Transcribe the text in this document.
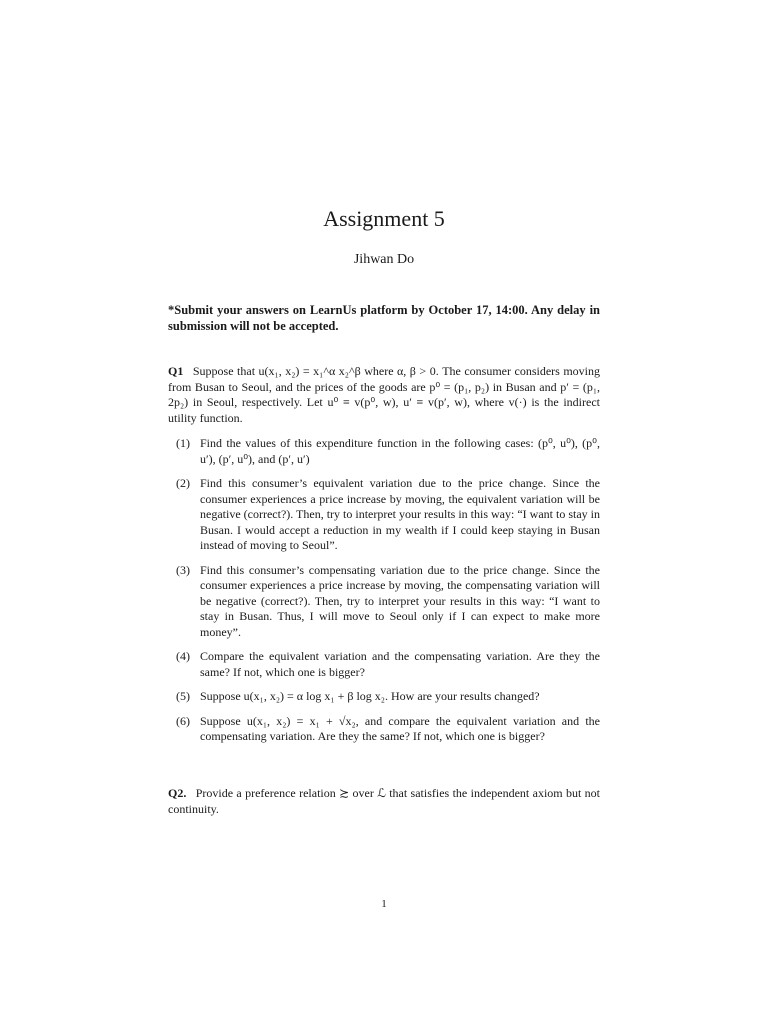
Assignment 5
Jihwan Do
*Submit your answers on LearnUs platform by October 17, 14:00. Any delay in submission will not be accepted.
Q1 Suppose that u(x₁, x₂) = x₁^α x₂^β where α, β > 0. The consumer considers moving from Busan to Seoul, and the prices of the goods are p⁰ = (p₁, p₂) in Busan and p′ = (p₁, 2p₂) in Seoul, respectively. Let u⁰ ≡ v(p⁰, w), u′ ≡ v(p′, w), where v(·) is the indirect utility function.
(1) Find the values of this expenditure function in the following cases: (p⁰, u⁰), (p⁰, u′), (p′, u⁰), and (p′, u′)
(2) Find this consumer’s equivalent variation due to the price change. Since the consumer experiences a price increase by moving, the equivalent variation will be negative (correct?). Then, try to interpret your results in this way: “I want to stay in Busan. I would accept a reduction in my wealth if I could keep staying in Busan instead of moving to Seoul”.
(3) Find this consumer’s compensating variation due to the price change. Since the consumer experiences a price increase by moving, the compensating variation will be negative (correct?). Then, try to interpret your results in this way: “I want to stay in Busan. Thus, I will move to Seoul only if I can expect to make more money”.
(4) Compare the equivalent variation and the compensating variation. Are they the same? If not, which one is bigger?
(5) Suppose u(x₁, x₂) = α log x₁ + β log x₂. How are your results changed?
(6) Suppose u(x₁, x₂) = x₁ + √x₂, and compare the equivalent variation and the compensating variation. Are they the same? If not, which one is bigger?
Q2. Provide a preference relation ≿ over ℒ that satisfies the independent axiom but not continuity.
1
